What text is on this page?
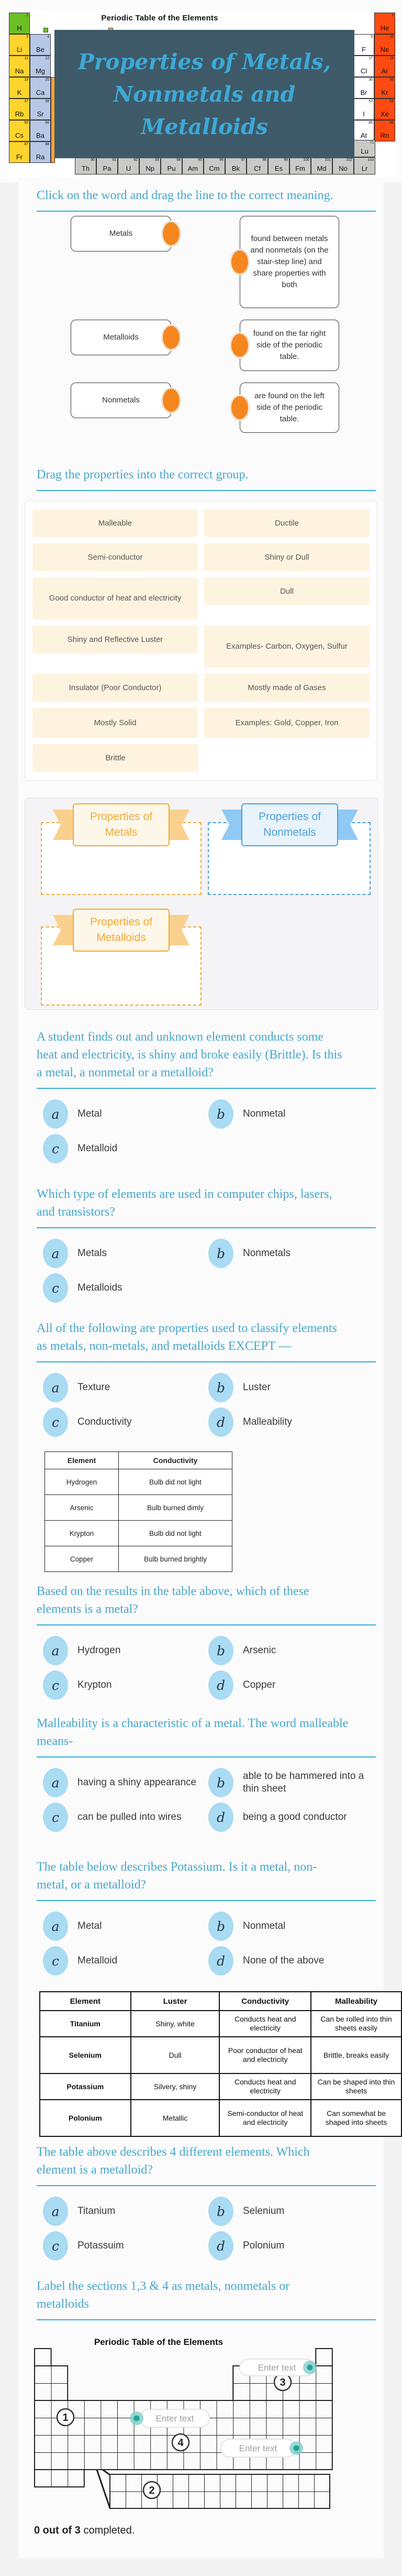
Periodic Table of the Elements
H
1
Li
3
Na
11
K
19
Rb
37
Cs
55
Fr
87
Be
4
Mg
12
Ca
20
Sr
38
Ba
56
Ra
88
F
9
Cl
17
Br
35
I
53
At
85
He
2
Ne
10
Ar
18
Kr
36
Xe
54
Rn
86
Lu
71
Th
90
Pa
91
U
92
Np
93
Pu
94
Am
95
Cm
96
Bk
97
Cf
98
Es
99
Fm
100
Md
101
No
102
Lr
103
Properties of Metals,
Nonmetals and
Metalloids
Click on the word and drag the line to the correct meaning.
Metals
found between metals and nonmetals (on the stair-step line) and share properties with both
Metalloids	found on the far right side of the periodic table.
Nonmetals	are found on the left side of the periodic table.
Drag the properties into the correct group.
Malleable	Ductile
Semi-conductor	Shiny or Dull
Good conductor of heat and electricity
Dull
Shiny and Reflective Luster
Examples- Carbon, Oxygen, Sulfur
Insulator (Poor Conductor)	Mostly made of Gases
Mostly Solid	Examples: Gold, Copper, Iron
Brittle
Properties of
Metals
Properties of
Nonmetals
Properties of
Metalloids
A student finds out and unknown element conducts some
heat and electricity, is shiny and broke easily (Brittle). Is this
a metal, a nonmetal or a metalloid?
a	Metal	b	Nonmetal
c	Metalloid
Which type of elements are used in computer chips, lasers,
and transistors?
a	Metals	b	Nonmetals
c	Metalloids
All of the following are properties used to classify elements
as metals, non-metals, and metalloids EXCEPT —
a	Texture	b	Luster
c	Conductivity	d	Malleability
Based on the results in the table above, which of these
elements is a metal?
a	Hydrogen	b	Arsenic
c	Krypton	d	Copper
Malleability is a characteristic of a metal. The word malleable
means-
a	having a shiny appearance	b	able to be hammered into a thin sheet
c	can be pulled into wires	d	being a good conductor
The table below describes Potassium. Is it a metal, non-
metal, or a metalloid?
a	Metal	b	Nonmetal
c	Metalloid	d	None of the above
The table above describes 4 different elements. Which
element is a metalloid?
a	Titanium	b	Selenium
c	Potassuim	d	Polonium
Element	Conductivity
Hydrogen	Bulb did not light
Arsenic	Bulb burned dimly
Krypton	Bulb did not light
Copper	Bulb burned brightly
Element	Luster	Conductivity	Malleability
Titanium	Shiny, white	Conducts heat and electricity	Can be rolled into thin sheets easily
Selenium	Dull	Poor conductor of heat and electricity	Brittle, breaks easily
Potassium	Silvery, shiny	Conducts heat and electricity	Can be shaped into thin sheets
Polonium	Metallic	Semi-conductor of heat and electricity	Can somewhat be shaped into sheets
Label the sections 1,3 & 4 as metals, nonmetals or
metalloids
Periodic Table of the Elements
1
2
3
4
Enter text
Enter text
Enter text
0 out of 3 completed.
